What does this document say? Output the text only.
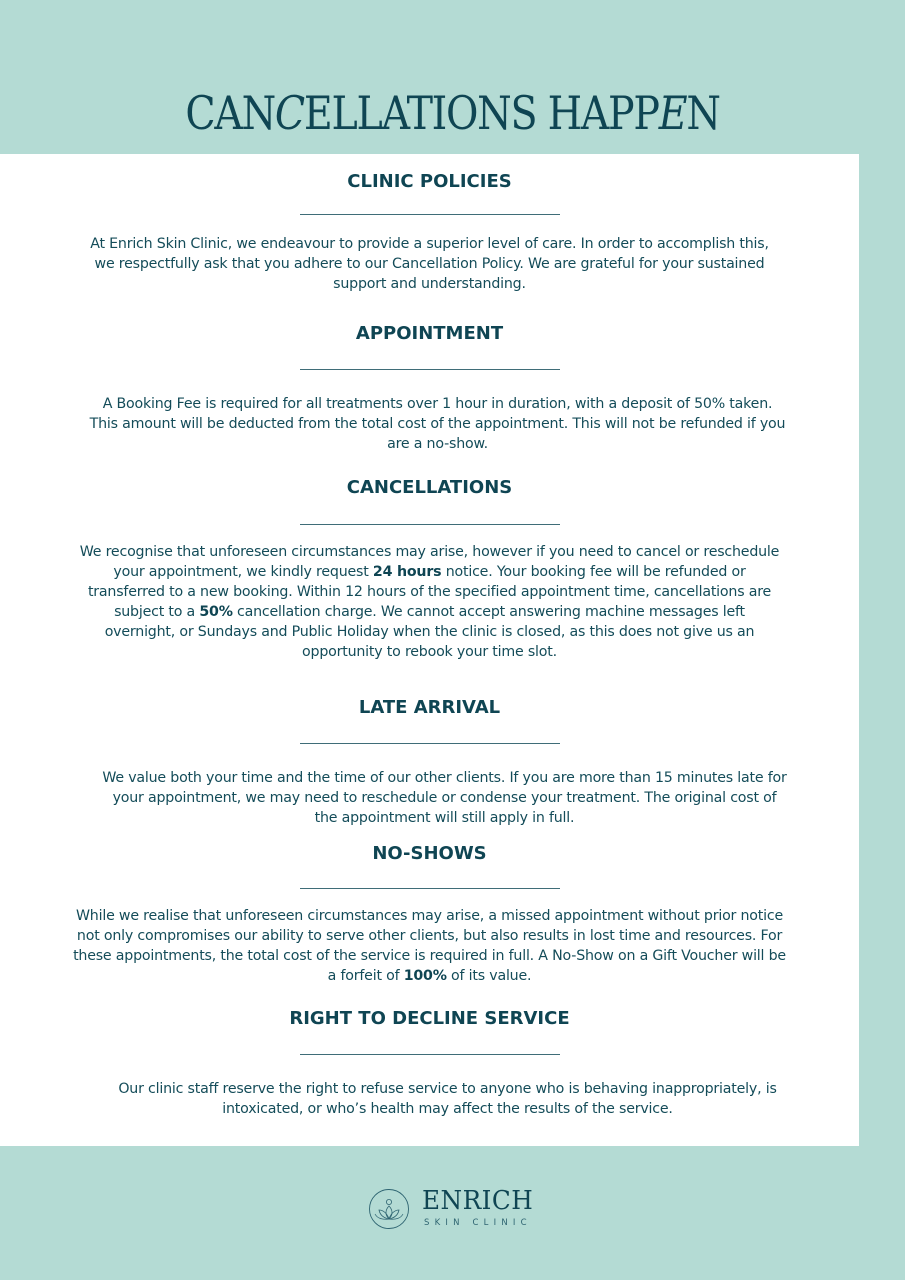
CANCELLATIONS HAPPEN
CLINIC POLICIES

At Enrich Skin Clinic, we endeavour to provide a superior level of care. In order to accomplish this, we respectfully ask that you adhere to our Cancellation Policy. We are grateful for your sustained support and understanding.

APPOINTMENT

A Booking Fee is required for all treatments over 1 hour in duration, with a deposit of 50% taken. This amount will be deducted from the total cost of the appointment. This will not be refunded if you are a no-show.

CANCELLATIONS

We recognise that unforeseen circumstances may arise, however if you need to cancel or reschedule your appointment, we kindly request 24 hours notice. Your booking fee will be refunded or transferred to a new booking. Within 12 hours of the specified appointment time, cancellations are subject to a 50% cancellation charge. We cannot accept answering machine messages left overnight, or Sundays and Public Holiday when the clinic is closed, as this does not give us an opportunity to rebook your time slot.

LATE ARRIVAL

We value both your time and the time of our other clients. If you are more than 15 minutes late for your appointment, we may need to reschedule or condense your treatment. The original cost of the appointment will still apply in full.

NO-SHOWS

While we realise that unforeseen circumstances may arise, a missed appointment without prior notice not only compromises our ability to serve other clients, but also results in lost time and resources. For these appointments, the total cost of the service is required in full. A No-Show on a Gift Voucher will be a forfeit of 100% of its value.

RIGHT TO DECLINE SERVICE

Our clinic staff reserve the right to refuse service to anyone who is behaving inappropriately, is intoxicated, or who’s health may affect the results of the service.

ENRICH
SKIN CLINIC
